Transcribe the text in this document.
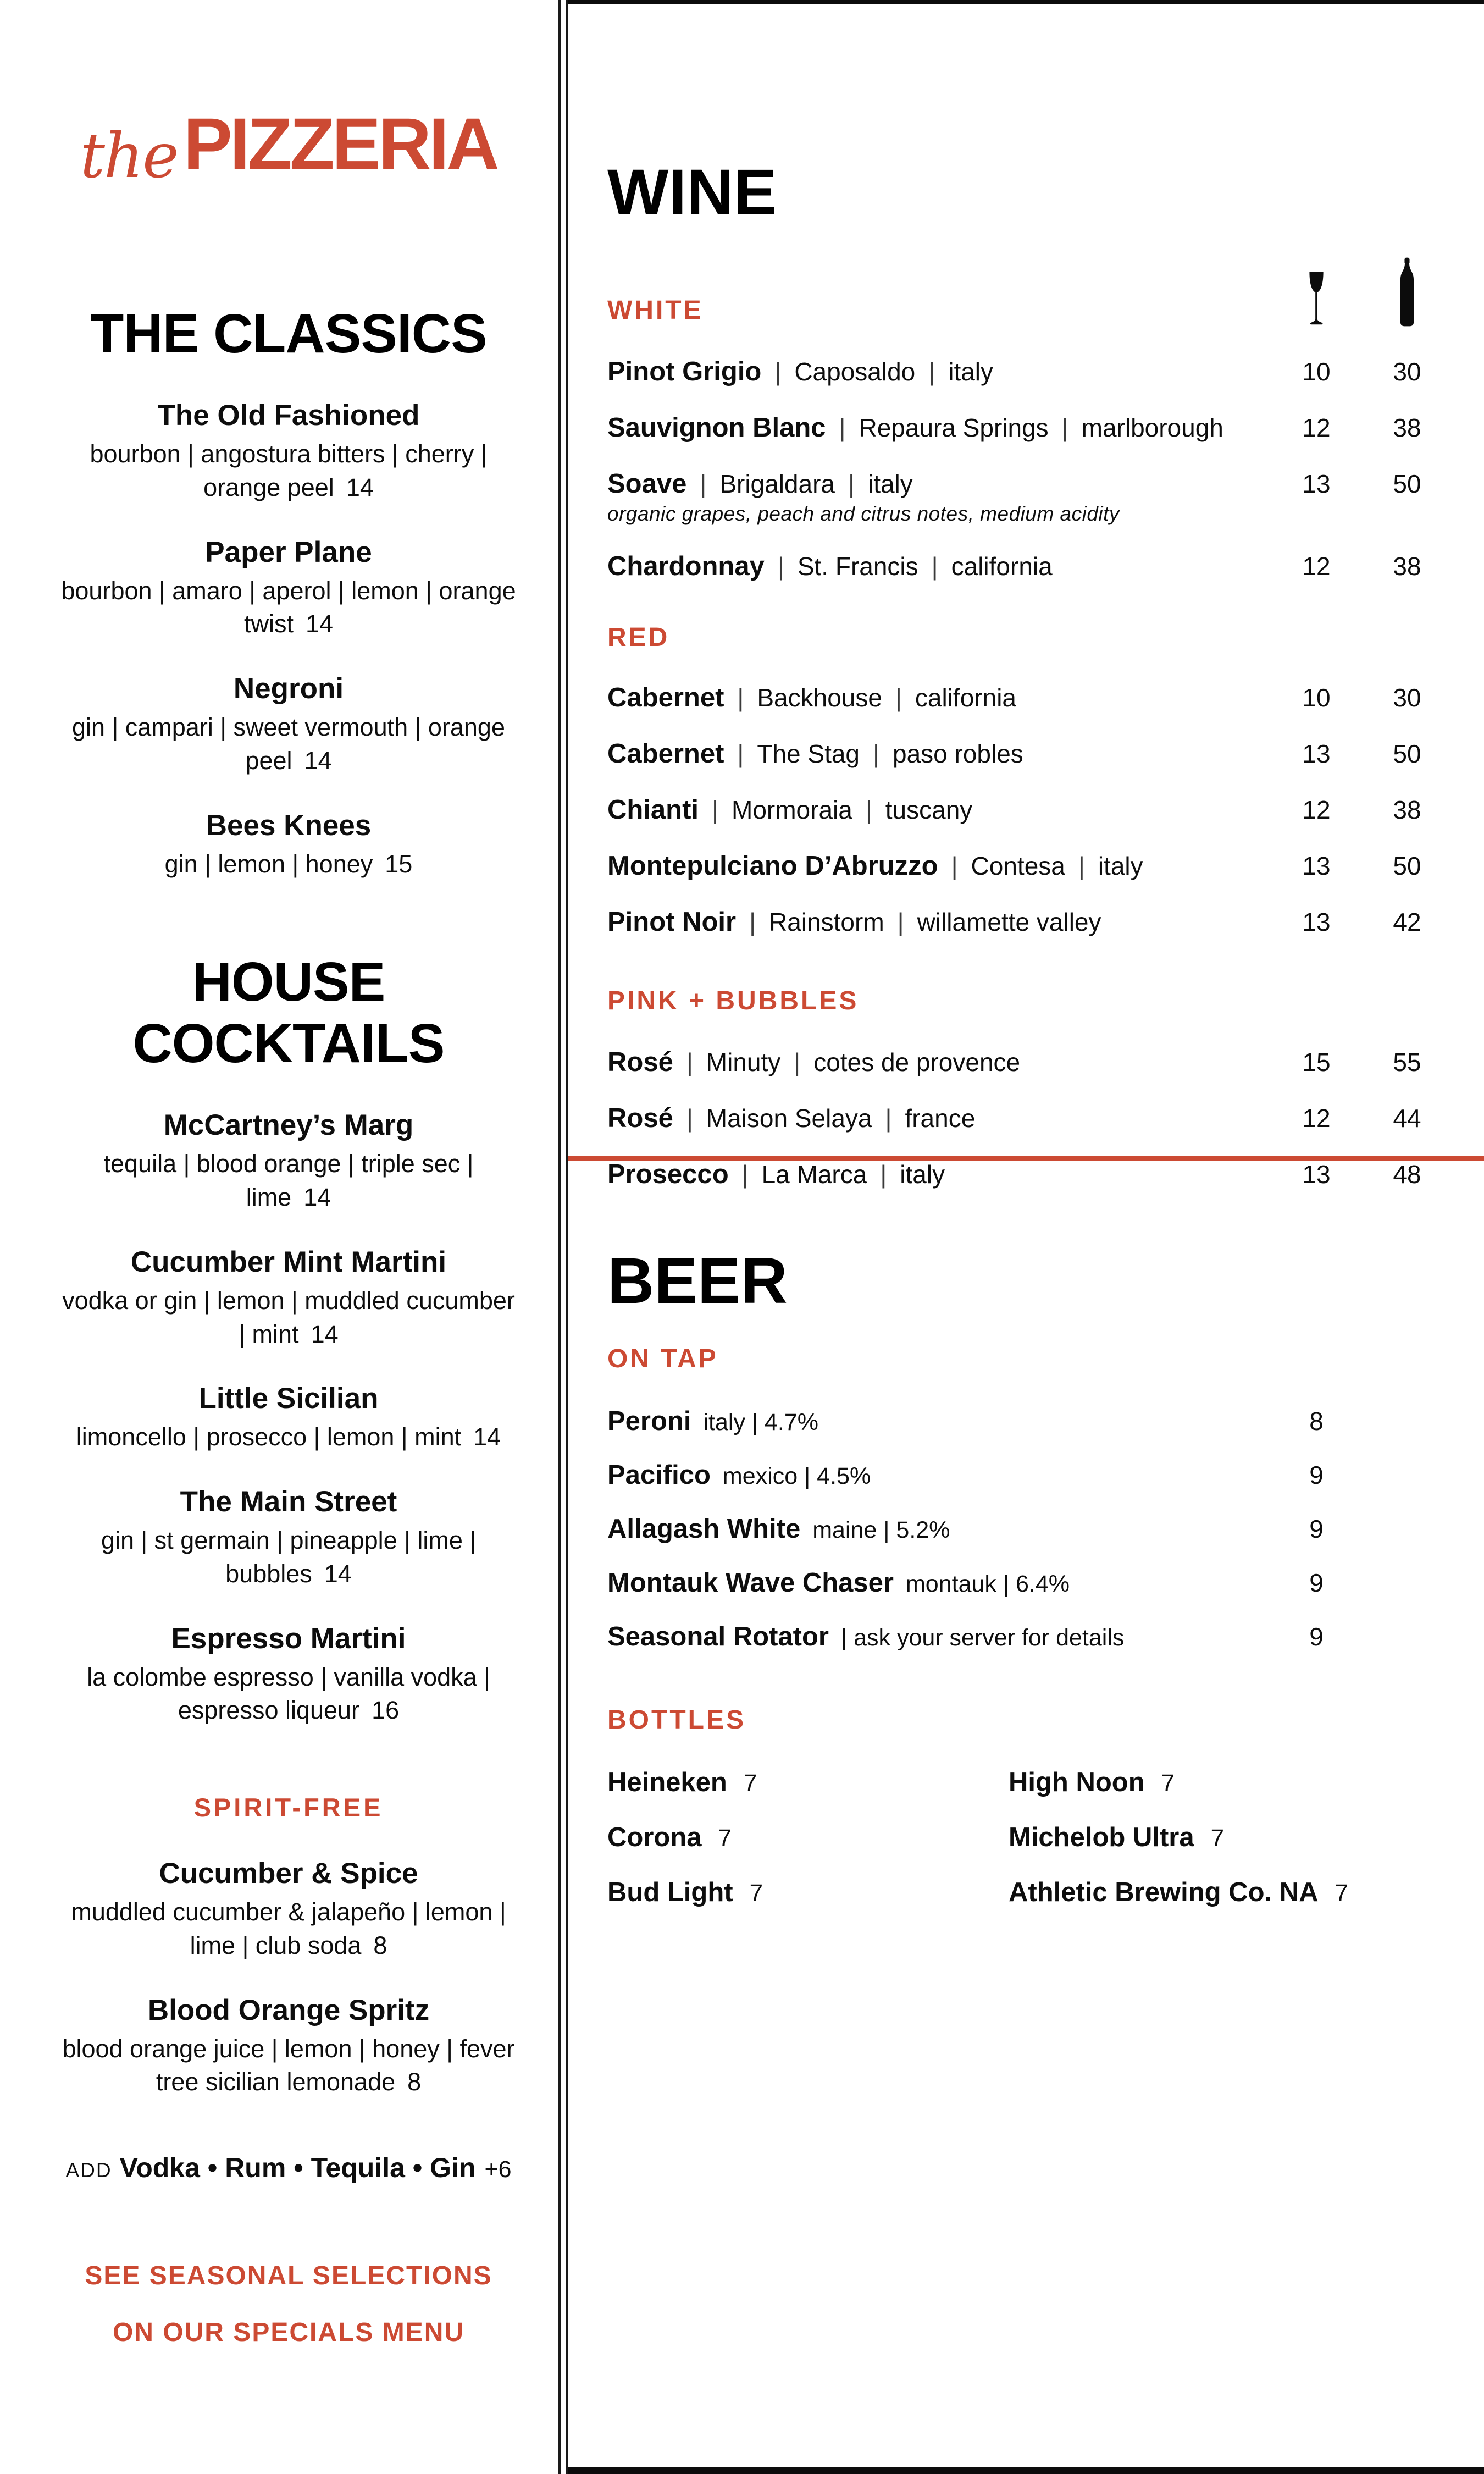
thePIZZERIA
THE CLASSICS
The Old Fashioned
bourbon | angostura bitters | cherry | orange peel 14
Paper Plane
bourbon | amaro | aperol | lemon | orange twist 14
Negroni
gin | campari | sweet vermouth | orange peel 14
Bees Knees
gin | lemon | honey 15
HOUSE
COCKTAILS
McCartney’s Marg
tequila | blood orange | triple sec | lime 14
Cucumber Mint Martini
vodka or gin | lemon | muddled cucumber | mint 14
Little Sicilian
limoncello | prosecco | lemon | mint 14
The Main Street
gin | st germain | pineapple | lime | bubbles 14
Espresso Martini
la colombe espresso | vanilla vodka | espresso liqueur 16
SPIRIT-FREE
Cucumber & Spice
muddled cucumber & jalapeño | lemon | lime | club soda 8
Blood Orange Spritz
blood orange juice | lemon | honey | fever tree sicilian lemonade 8
ADD Vodka • Rum • Tequila • Gin +6
SEE SEASONAL SELECTIONS
ON OUR SPECIALS MENU
WINE
WHITE
Pinot Grigio | Caposaldo | italy	10	30
Sauvignon Blanc | Repaura Springs | marlborough	12	38
Soave | Brigaldara | italy	13	50
organic grapes, peach and citrus notes, medium acidity
Chardonnay | St. Francis | california	12	38
RED
Cabernet | Backhouse | california	10	30
Cabernet | The Stag | paso robles	13	50
Chianti | Mormoraia | tuscany	12	38
Montepulciano D’Abruzzo | Contesa | italy	13	50
Pinot Noir | Rainstorm | willamette valley	13	42
PINK + BUBBLES
Rosé | Minuty | cotes de provence	15	55
Rosé | Maison Selaya | france	12	44
Prosecco | La Marca | italy	13	48
BEER
ON TAP
Peroni italy | 4.7%	8
Pacifico mexico | 4.5%	9
Allagash White maine | 5.2%	9
Montauk Wave Chaser montauk | 6.4%	9
Seasonal Rotator | ask your server for details	9
BOTTLES
Heineken 7	High Noon 7
Corona 7	Michelob Ultra 7
Bud Light 7	Athletic Brewing Co. NA 7
